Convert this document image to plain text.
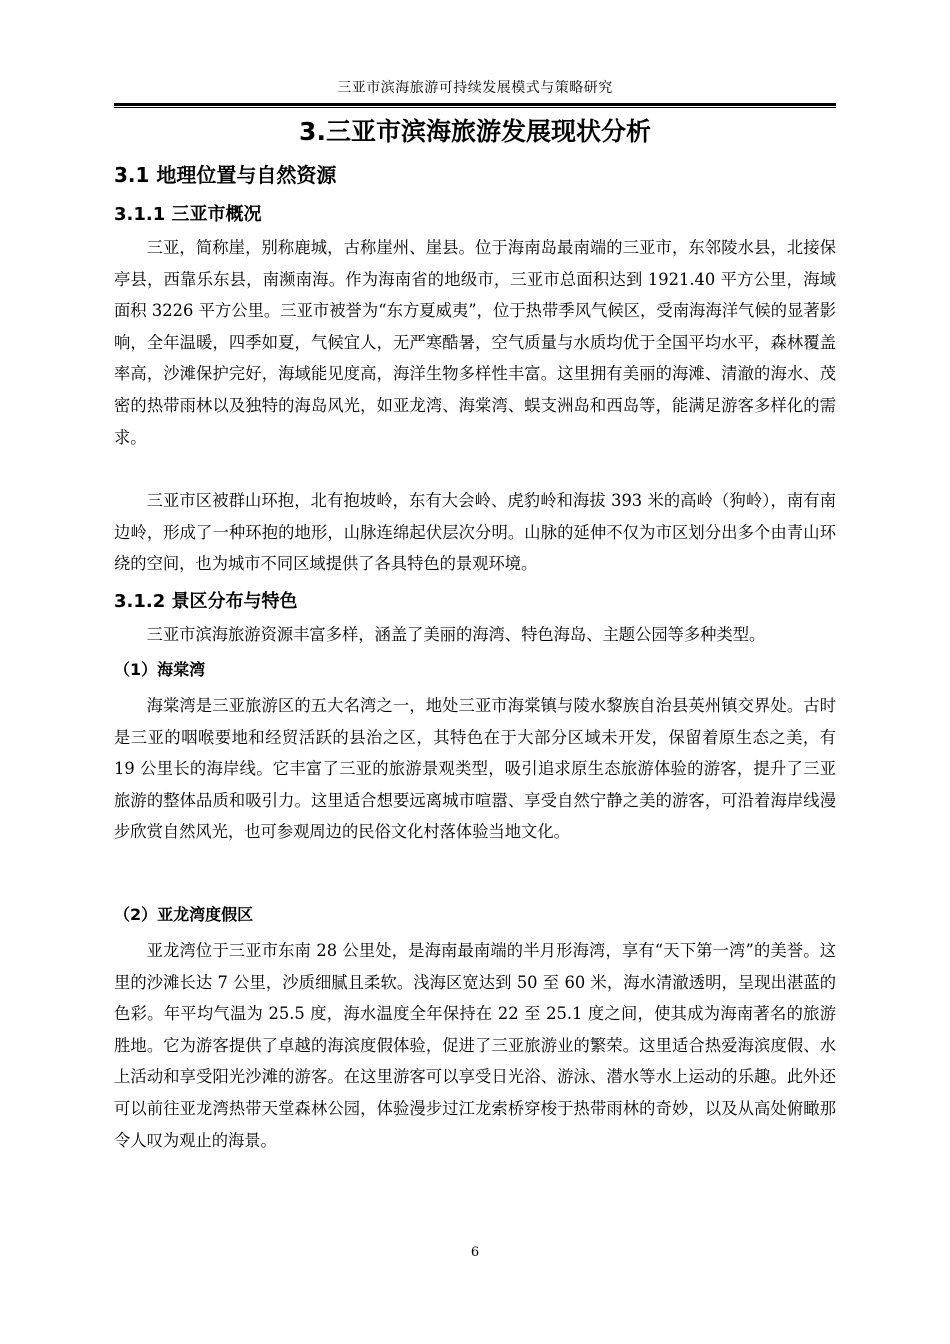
三亚市滨海旅游可持续发展模式与策略研究
3.三亚市滨海旅游发展现状分析
3.1 地理位置与自然资源
3.1.1 三亚市概况

三亚，简称崖，别称鹿城，古称崖州、崖县。位于海南岛最南端的三亚市，东邻陵水县，北接保亭县，西靠乐东县，南濒南海。作为海南省的地级市，三亚市总面积达到 1921.40 平方公里，海域面积 3226 平方公里。三亚市被誉为“东方夏威夷”，位于热带季风气候区，受南海海洋气候的显著影响，全年温暖，四季如夏，气候宜人，无严寒酷暑，空气质量与水质均优于全国平均水平，森林覆盖率高，沙滩保护完好，海域能见度高，海洋生物多样性丰富。这里拥有美丽的海滩、清澈的海水、茂密的热带雨林以及独特的海岛风光，如亚龙湾、海棠湾、蜈支洲岛和西岛等，能满足游客多样化的需求。

三亚市区被群山环抱，北有抱坡岭，东有大会岭、虎豹岭和海拔 393 米的高岭（狗岭），南有南边岭，形成了一种环抱的地形，山脉连绵起伏层次分明。山脉的延伸不仅为市区划分出多个由青山环绕的空间，也为城市不同区域提供了各具特色的景观环境。

3.1.2 景区分布与特色

三亚市滨海旅游资源丰富多样，涵盖了美丽的海湾、特色海岛、主题公园等多种类型。

（1）海棠湾

海棠湾是三亚旅游区的五大名湾之一，地处三亚市海棠镇与陵水黎族自治县英州镇交界处。古时是三亚的咽喉要地和经贸活跃的县治之区，其特色在于大部分区域未开发，保留着原生态之美，有 19 公里长的海岸线。它丰富了三亚的旅游景观类型，吸引追求原生态旅游体验的游客，提升了三亚旅游的整体品质和吸引力。这里适合想要远离城市喧嚣、享受自然宁静之美的游客，可沿着海岸线漫步欣赏自然风光，也可参观周边的民俗文化村落体验当地文化。

（2）亚龙湾度假区

亚龙湾位于三亚市东南 28 公里处，是海南最南端的半月形海湾，享有“天下第一湾”的美誉。这里的沙滩长达 7 公里，沙质细腻且柔软。浅海区宽达到 50 至 60 米，海水清澈透明，呈现出湛蓝的色彩。年平均气温为 25.5 度，海水温度全年保持在 22 至 25.1 度之间，使其成为海南著名的旅游胜地。它为游客提供了卓越的海滨度假体验，促进了三亚旅游业的繁荣。这里适合热爱海滨度假、水上活动和享受阳光沙滩的游客。在这里游客可以享受日光浴、游泳、潜水等水上运动的乐趣。此外还可以前往亚龙湾热带天堂森林公园，体验漫步过江龙索桥穿梭于热带雨林的奇妙，以及从高处俯瞰那令人叹为观止的海景。

6
